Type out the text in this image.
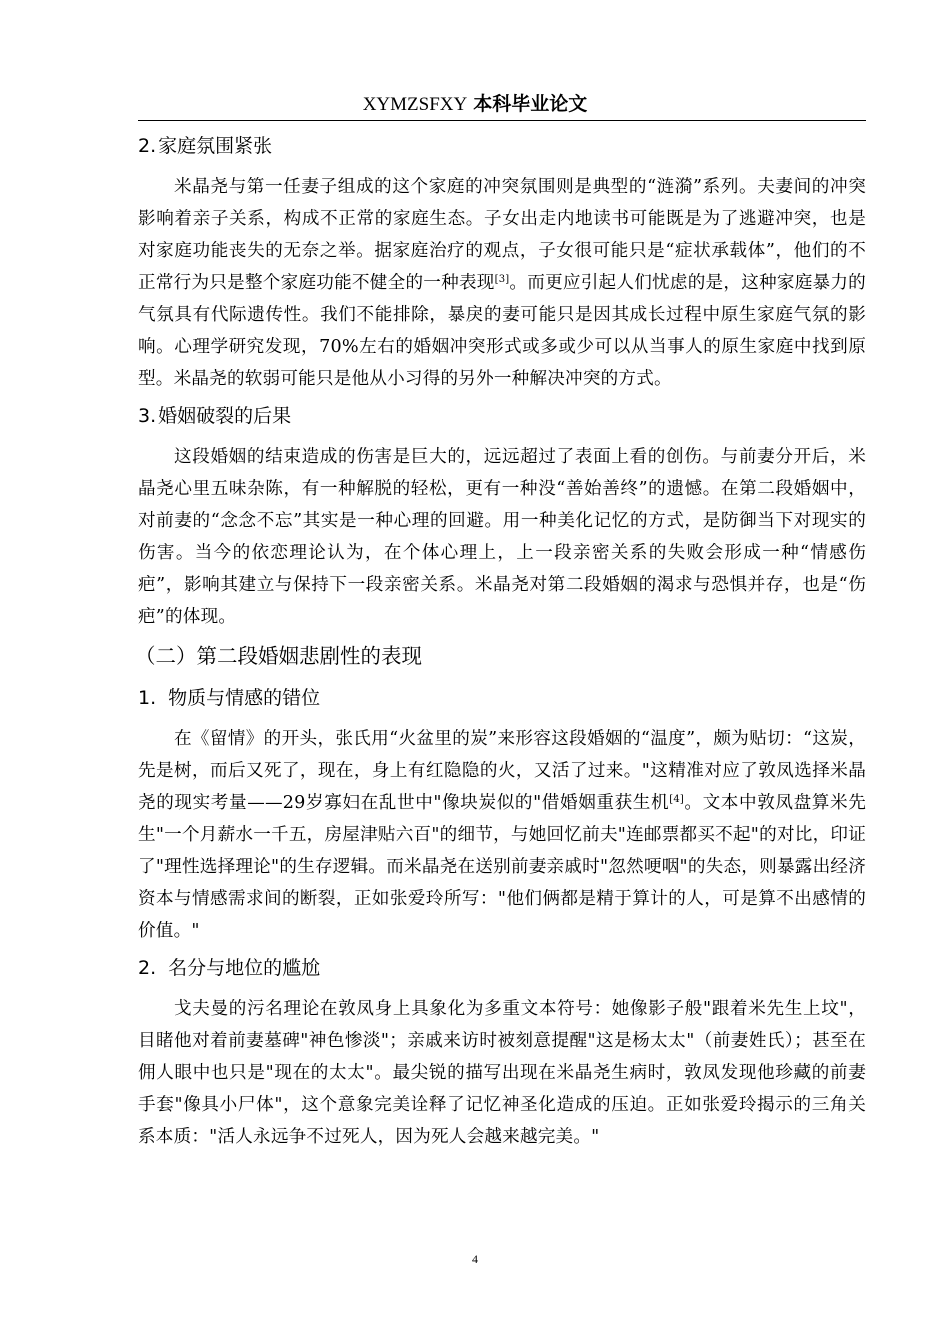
XYMZSFXY 本科毕业论文
2. 家庭氛围紧张

米晶尧与第一任妻子组成的这个家庭的冲突氛围则是典型的“涟漪”系列。夫妻间的冲突影响着亲子关系，构成不正常的家庭生态。子女出走内地读书可能既是为了逃避冲突，也是对家庭功能丧失的无奈之举。据家庭治疗的观点，子女很可能只是“症状承载体”，他们的不正常行为只是整个家庭功能不健全的一种表现[3]。而更应引起人们忧虑的是，这种家庭暴力的气氛具有代际遗传性。我们不能排除，暴戾的妻可能只是因其成长过程中原生家庭气氛的影响。心理学研究发现，70%左右的婚姻冲突形式或多或少可以从当事人的原生家庭中找到原型。米晶尧的软弱可能只是他从小习得的另外一种解决冲突的方式。

3. 婚姻破裂的后果

这段婚姻的结束造成的伤害是巨大的，远远超过了表面上看的创伤。与前妻分开后，米晶尧心里五味杂陈，有一种解脱的轻松，更有一种没“善始善终”的遗憾。在第二段婚姻中，对前妻的“念念不忘”其实是一种心理的回避。用一种美化记忆的方式，是防御当下对现实的伤害。当今的依恋理论认为，在个体心理上，上一段亲密关系的失败会形成一种“情感伤疤”，影响其建立与保持下一段亲密关系。米晶尧对第二段婚姻的渴求与恐惧并存，也是“伤疤”的体现。

（二）第二段婚姻悲剧性的表现
1. 物质与情感的错位

在《留情》的开头，张氏用“火盆里的炭”来形容这段婚姻的“温度”，颇为贴切：“这炭，先是树，而后又死了，现在，身上有红隐隐的火，又活了过来。"这精准对应了敦凤选择米晶尧的现实考量——29岁寡妇在乱世中"像块炭似的"借婚姻重获生机[4]。文本中敦凤盘算米先生"一个月薪水一千五，房屋津贴六百"的细节，与她回忆前夫"连邮票都买不起"的对比，印证了"理性选择理论"的生存逻辑。而米晶尧在送别前妻亲戚时"忽然哽咽"的失态，则暴露出经济资本与情感需求间的断裂，正如张爱玲所写："他们俩都是精于算计的人，可是算不出感情的价值。"

2. 名分与地位的尴尬

戈夫曼的污名理论在敦凤身上具象化为多重文本符号：她像影子般"跟着米先生上坟"，目睹他对着前妻墓碑"神色惨淡"；亲戚来访时被刻意提醒"这是杨太太"（前妻姓氏）；甚至在佣人眼中也只是"现在的太太"。最尖锐的描写出现在米晶尧生病时，敦凤发现他珍藏的前妻手套"像具小尸体"，这个意象完美诠释了记忆神圣化造成的压迫。正如张爱玲揭示的三角关系本质："活人永远争不过死人，因为死人会越来越完美。"

4
